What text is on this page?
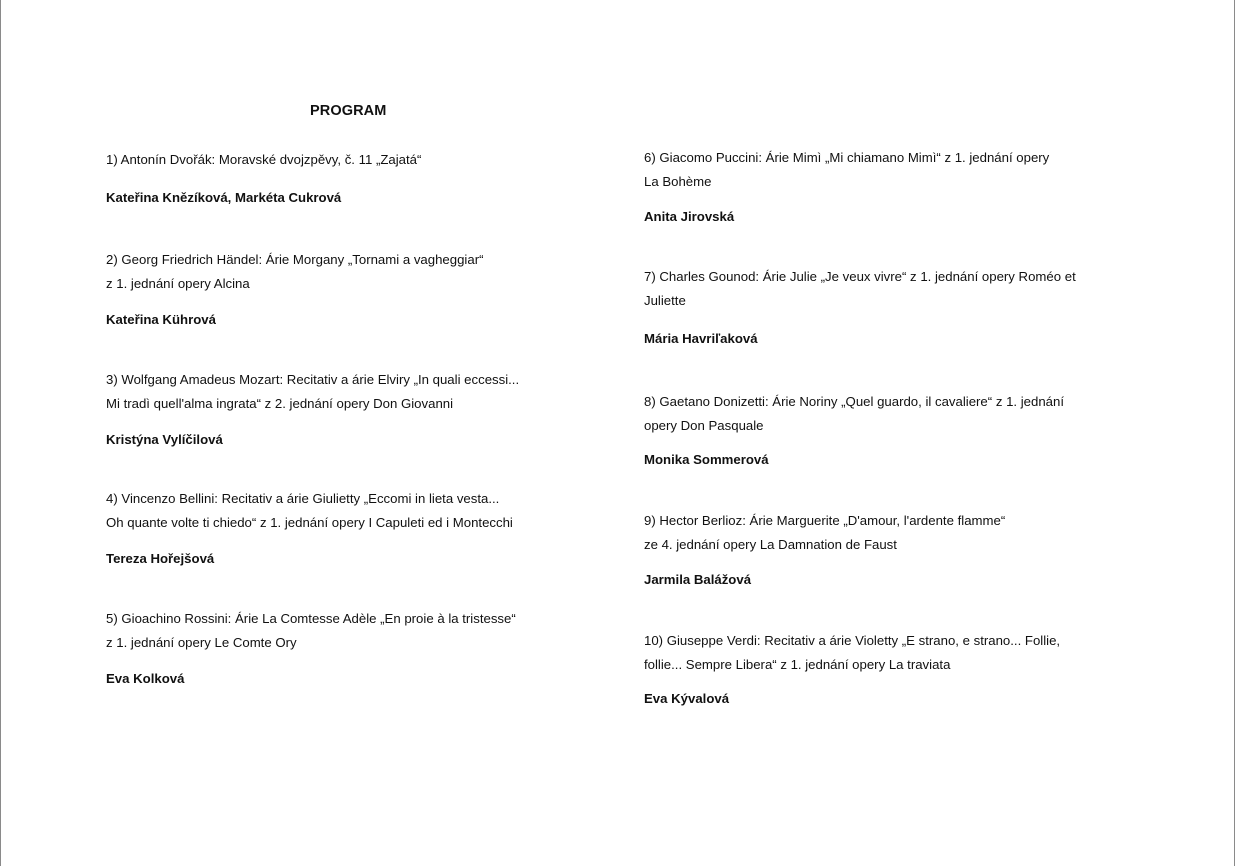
PROGRAM

1) Antonín Dvořák: Moravské dvojzpěvy, č. 11 „Zajatá“

Kateřina Knězíková, Markéta Cukrová

2) Georg Friedrich Händel: Árie Morgany „Tornami a vagheggiar“
z 1. jednání opery Alcina

Kateřina Kührová

3) Wolfgang Amadeus Mozart: Recitativ a árie Elviry „In quali eccessi...
Mi tradì quell'alma ingrata“ z 2. jednání opery Don Giovanni

Kristýna Vylíčilová

4) Vincenzo Bellini: Recitativ a árie Giulietty „Eccomi in lieta vesta...
Oh quante volte ti chiedo“ z 1. jednání opery I Capuleti ed i Montecchi

Tereza Hořejšová

5) Gioachino Rossini: Árie La Comtesse Adèle „En proie à la tristesse“
z 1. jednání opery Le Comte Ory

Eva Kolková

6) Giacomo Puccini: Árie Mimì „Mi chiamano Mimì“ z 1. jednání opery
La Bohème

Anita Jirovská

7) Charles Gounod: Árie Julie „Je veux vivre“ z 1. jednání opery Roméo et
Juliette

Mária Havriľaková

8) Gaetano Donizetti: Árie Noriny „Quel guardo, il cavaliere“ z 1. jednání
opery Don Pasquale

Monika Sommerová

9) Hector Berlioz: Árie Marguerite „D'amour, l'ardente flamme“
ze 4. jednání opery La Damnation de Faust

Jarmila Balážová

10) Giuseppe Verdi: Recitativ a árie Violetty „E strano, e strano... Follie,
follie... Sempre Libera“ z 1. jednání opery La traviata

Eva Kývalová
